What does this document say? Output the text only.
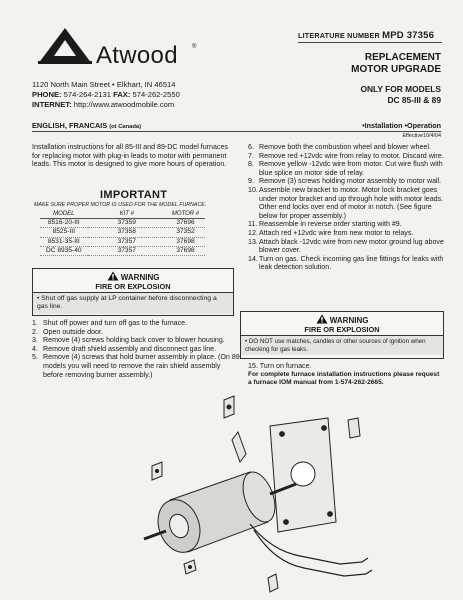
Atwood ®
1120 North Main Street • Elkhart, IN 46514
PHONE: 574-264-2131 FAX: 574-262-2550
INTERNET: http://www.atwoodmobile.com
LITERATURE NUMBER MPD 37356
REPLACEMENT
MOTOR UPGRADE
ONLY FOR MODELS
DC 85-III & 89
ENGLISH, FRANCAIS (ot Canada)	•Installation •Operation
Effective10/4/04
Installation instructions for all 85-III and 89-DC model furnaces for replacing motor with plug-in leads to motor with permanent leads. This motor is designed to give more hours of operation.
IMPORTANT
MAKE SURE PROPER MOTOR IS USED FOR THE MODEL FURNACE.
MODEL	KIT #	MOTOR #
8516-20-III	37359	37696
8525-III	37358	37352
8531-35-III	37357	37698
DC 8935-40	37357	37698
WARNING
FIRE OR EXPLOSION
• Shut off gas supply at LP container before disconnecting a gas line.
1. Shut off power and turn off gas to the furnace.
2. Open outside door.
3. Remove (4) screws holding back cover to blower housing.
4. Remove draft shield assembly and disconnect gas line.
5. Remove (4) screws that hold burner assembly in place. (On 89 models you will need to remove the rain shield assembly before removing burner assembly.)
6. Remove both the combustion wheel and blower wheel.
7. Remove red +12vdc wire from relay to motor. Discard wire.
8. Remove yellow -12vdc wire from motor. Cut wire flush with blue splice on motor side of relay.
9. Remove (3) screws holding motor assembly to motor wall.
10. Assemble new bracket to motor. Motor lock bracket goes under motor bracket and up through hole with motor leads. Other end locks over end of motor in notch. (See figure below for proper assembly.)
11. Reassemble in reverse order starting with #9.
12. Attach red +12vdc wire from new motor to relays.
13. Attach black -12vdc wire from new motor ground lug above blower cover.
14. Turn on gas. Check incoming gas line fittings for leaks with leak detection solution.
WARNING
FIRE OR EXPLOSION
• DO NOT use matches, candles or other sources of ignition when checking for gas leaks.
15. Turn on furnace.
For complete furnace installation instructions please request a furnace IOM manual from 1-574-262-2665.
